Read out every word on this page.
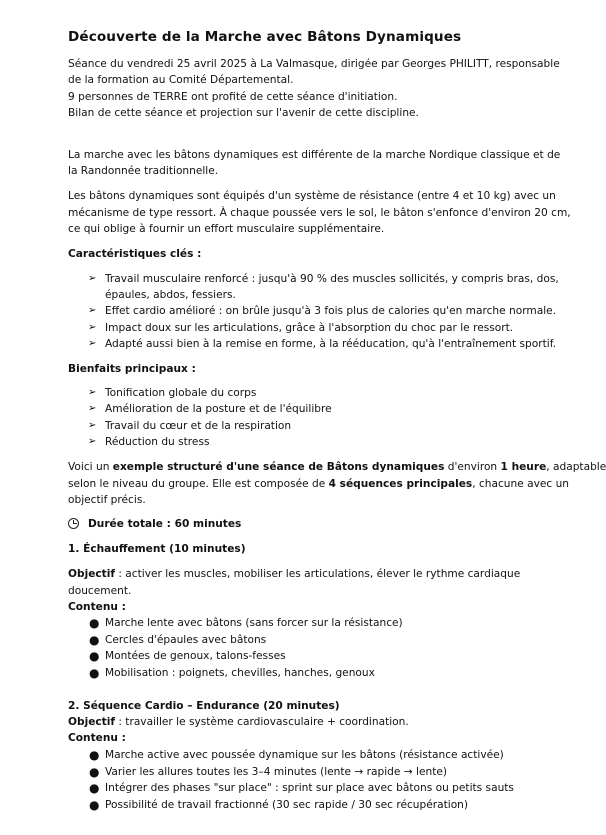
Découverte de la Marche avec Bâtons Dynamiques
Séance du vendredi 25 avril 2025 à La Valmasque, dirigée par Georges PHILITT, responsable
de la formation au Comité Départemental.
9 personnes de TERRE ont profité de cette séance d'initiation.
Bilan de cette séance et projection sur l'avenir de cette discipline.
La marche avec les bâtons dynamiques est différente de la marche Nordique classique et de
la Randonnée traditionnelle.
Les bâtons dynamiques sont équipés d'un système de résistance (entre 4 et 10 kg) avec un
mécanisme de type ressort. À chaque poussée vers le sol, le bâton s'enfonce d'environ 20 cm,
ce qui oblige à fournir un effort musculaire supplémentaire.
Caractéristiques clés :
➢ Travail musculaire renforcé : jusqu'à 90 % des muscles sollicités, y compris bras, dos,
épaules, abdos, fessiers.
➢ Effet cardio amélioré : on brûle jusqu'à 3 fois plus de calories qu'en marche normale.
➢ Impact doux sur les articulations, grâce à l'absorption du choc par le ressort.
➢ Adapté aussi bien à la remise en forme, à la rééducation, qu'à l'entraînement sportif.
Bienfaits principaux :
➢ Tonification globale du corps
➢ Amélioration de la posture et de l'équilibre
➢ Travail du cœur et de la respiration
➢ Réduction du stress
Voici un exemple structuré d'une séance de Bâtons dynamiques d'environ 1 heure, adaptable
selon le niveau du groupe. Elle est composée de 4 séquences principales, chacune avec un
objectif précis.
Durée totale : 60 minutes
1. Échauffement (10 minutes)
Objectif : activer les muscles, mobiliser les articulations, élever le rythme cardiaque
doucement.
Contenu :
● Marche lente avec bâtons (sans forcer sur la résistance)
● Cercles d'épaules avec bâtons
● Montées de genoux, talons-fesses
● Mobilisation : poignets, chevilles, hanches, genoux
2. Séquence Cardio – Endurance (20 minutes)
Objectif : travailler le système cardiovasculaire + coordination.
Contenu :
● Marche active avec poussée dynamique sur les bâtons (résistance activée)
● Varier les allures toutes les 3–4 minutes (lente → rapide → lente)
● Intégrer des phases "sur place" : sprint sur place avec bâtons ou petits sauts
● Possibilité de travail fractionné (30 sec rapide / 30 sec récupération)
